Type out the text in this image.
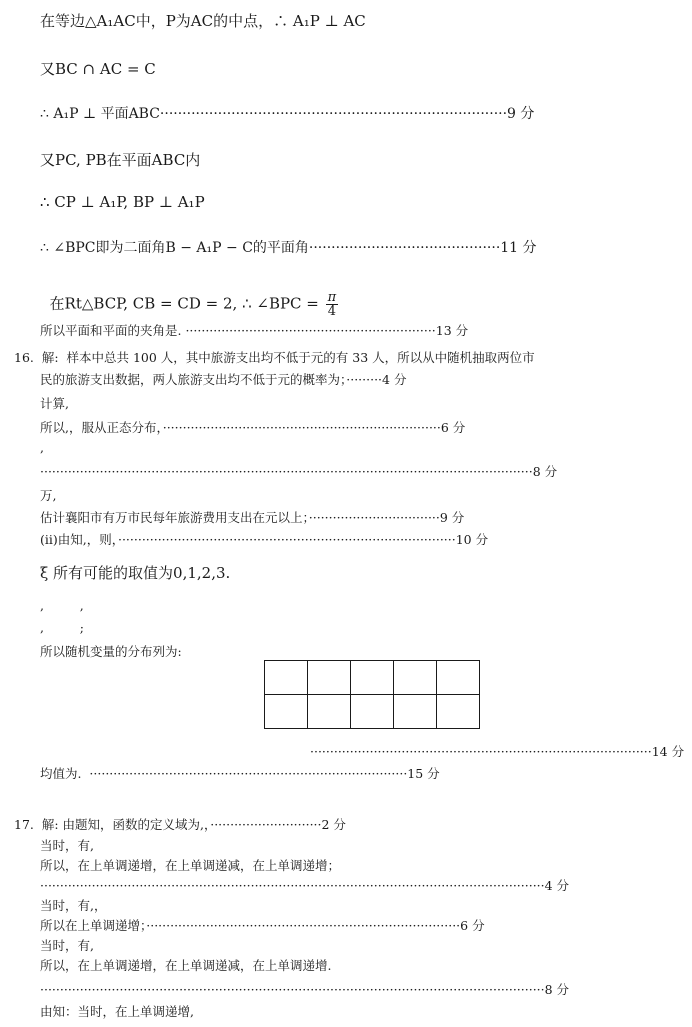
在等边△A₁AC中，P为AC的中点，∴ A₁P ⊥ AC
又BC ∩ AC = C
∴ A₁P ⊥ 平面ABC··············································································9 分
又PC, PB在平面ABC内
∴ CP ⊥ A₁P, BP ⊥ A₁P
∴ ∠BPC即为二面角B − A₁P − C的平面角···········································11 分

在Rt△BCP, CB = CD = 2, ∴ ∠BPC = $\frac{\pi}{4}$

所以平面和平面的夹角是. ·······························································13 分
16.  解:  样本中总共 100 人，其中旅游支出均不低于元的有 33 人，所以从中随机抽取两位市
民的旅游支出数据，两人旅游支出均不低于元的概率为；·········4 分
计算,
所以,，服从正态分布，······································································6 分
,
····························································································································8 分
万,
估计襄阳市有万市民每年旅游费用支出在元以上；·································9 分
(ii)由知,，则，·····················································································10 分
ξ 所有可能的取值为0,1,2,3.
,         ,
,         ;
所以随机变量的分布列为:

······················································································14 分
均值为.  ················································································15 分
17.  解: 由题知，函数的定义域为,，····························2 分
当时，有,
所以，在上单调递增，在上单调递减，在上单调递增；
·······························································································································4 分
当时，有,，
所以在上单调递增；···············································································6 分
当时，有,
所以，在上单调递增，在上单调递减，在上单调递增.
·······························································································································8 分
由知：当时，在上单调递增,
